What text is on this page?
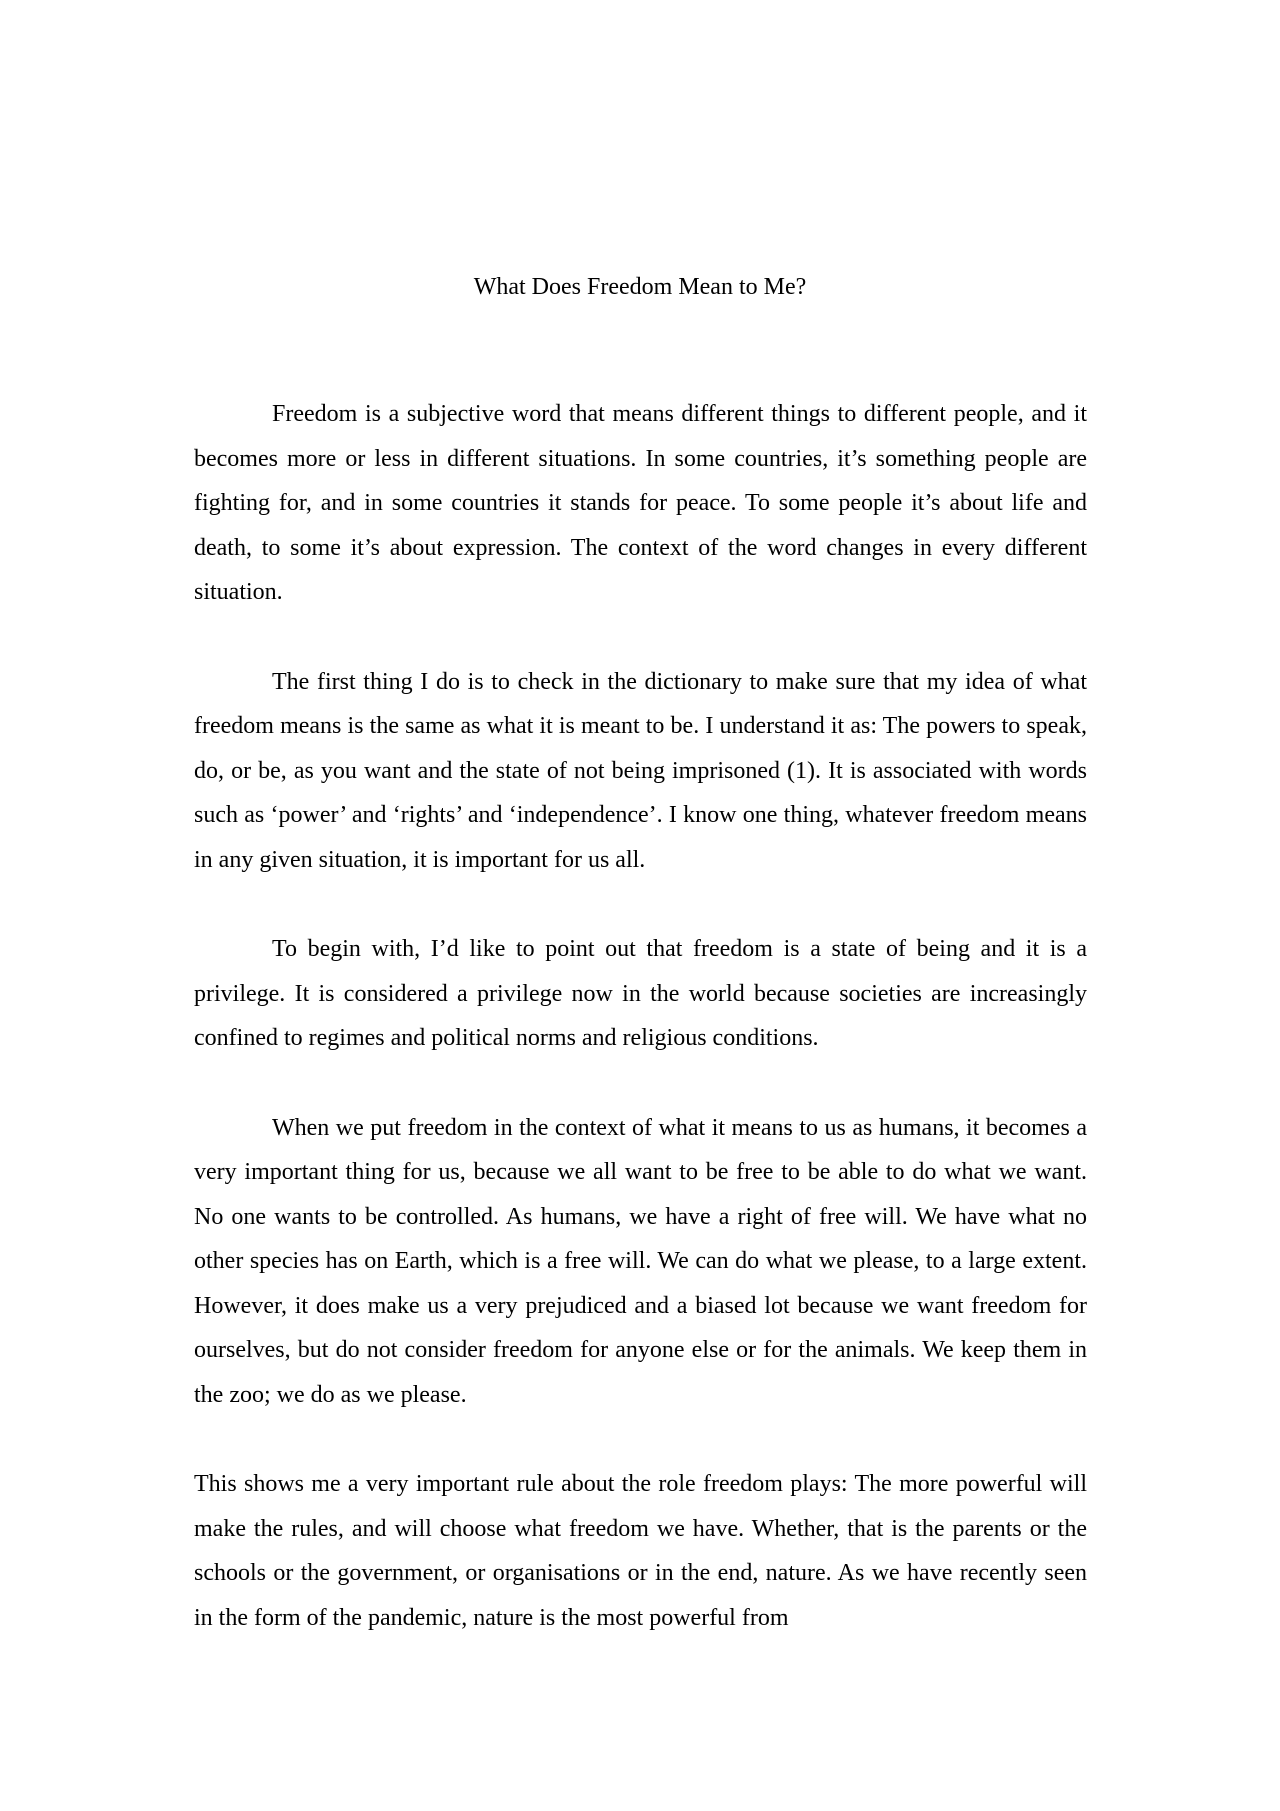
What Does Freedom Mean to Me?

Freedom is a subjective word that means different things to different people, and it becomes more or less in different situations. In some countries, it’s something people are fighting for, and in some countries it stands for peace. To some people it’s about life and death, to some it’s about expression. The context of the word changes in every different situation.

The first thing I do is to check in the dictionary to make sure that my idea of what freedom means is the same as what it is meant to be. I understand it as: The powers to speak, do, or be, as you want and the state of not being imprisoned (1). It is associated with words such as ‘power’ and ‘rights’ and ‘independence’. I know one thing, whatever freedom means in any given situation, it is important for us all.

To begin with, I’d like to point out that freedom is a state of being and it is a privilege. It is considered a privilege now in the world because societies are increasingly confined to regimes and political norms and religious conditions.

When we put freedom in the context of what it means to us as humans, it becomes a very important thing for us, because we all want to be free to be able to do what we want. No one wants to be controlled. As humans, we have a right of free will. We have what no other species has on Earth, which is a free will. We can do what we please, to a large extent. However, it does make us a very prejudiced and a biased lot because we want freedom for ourselves, but do not consider freedom for anyone else or for the animals. We keep them in the zoo; we do as we please.

This shows me a very important rule about the role freedom plays: The more powerful will make the rules, and will choose what freedom we have. Whether, that is the parents or the schools or the government, or organisations or in the end, nature. As we have recently seen in the form of the pandemic, nature is the most powerful from
